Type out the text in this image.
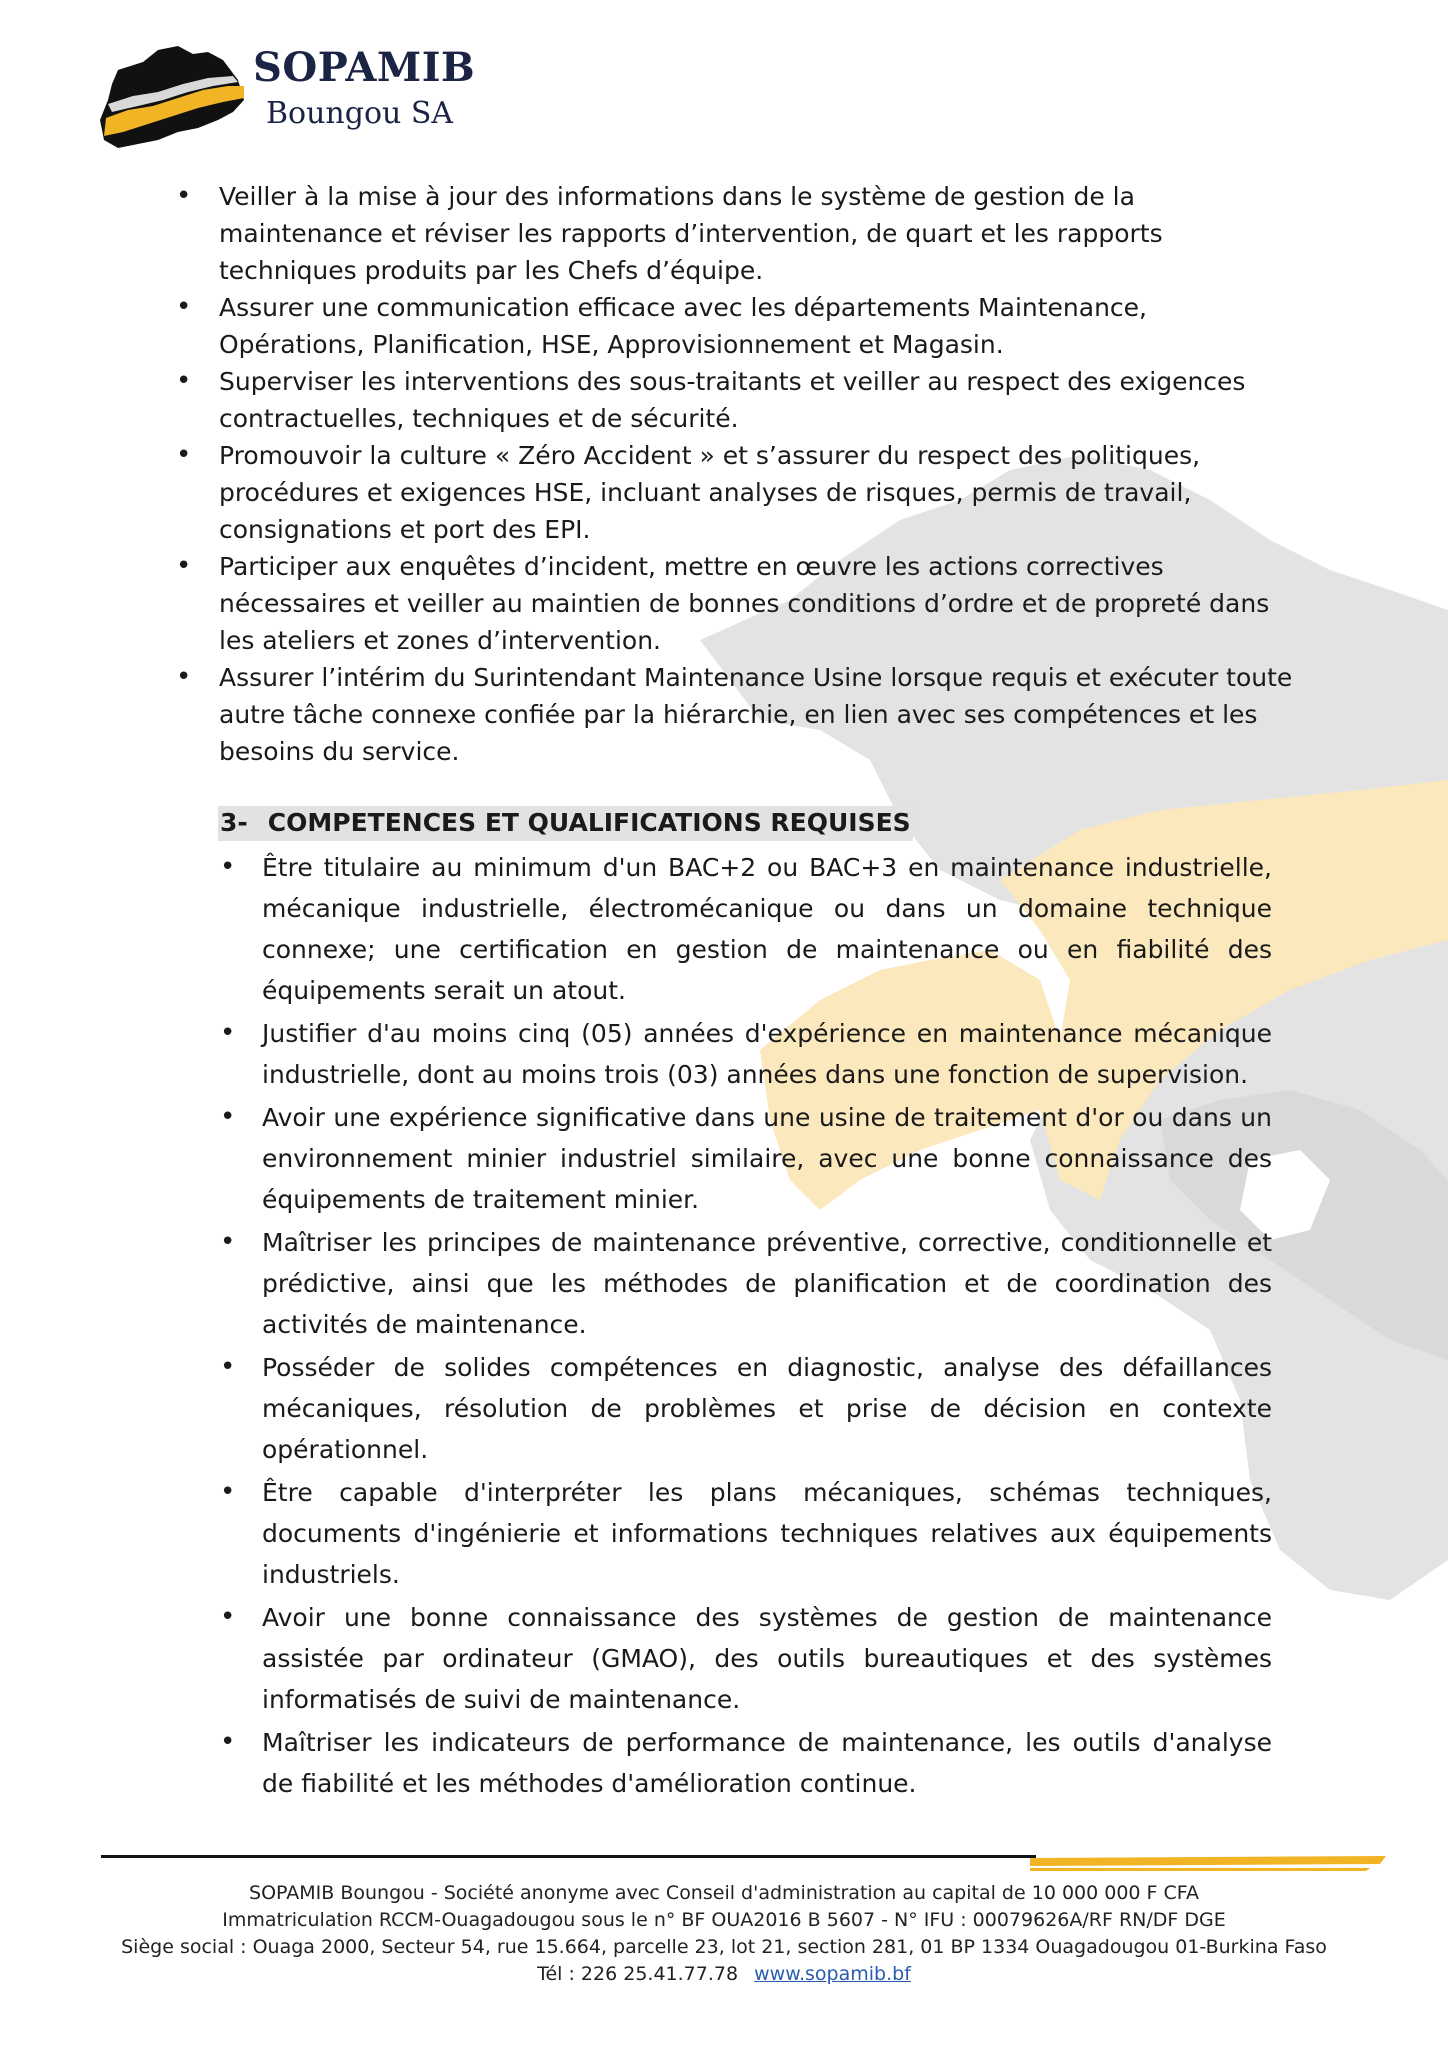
SOPAMIB
Boungou SA
• Veiller à la mise à jour des informations dans le système de gestion de la maintenance et réviser les rapports d’intervention, de quart et les rapports techniques produits par les Chefs d’équipe.
• Assurer une communication efficace avec les départements Maintenance, Opérations, Planification, HSE, Approvisionnement et Magasin.
• Superviser les interventions des sous-traitants et veiller au respect des exigences contractuelles, techniques et de sécurité.
• Promouvoir la culture « Zéro Accident » et s’assurer du respect des politiques, procédures et exigences HSE, incluant analyses de risques, permis de travail, consignations et port des EPI.
• Participer aux enquêtes d’incident, mettre en œuvre les actions correctives nécessaires et veiller au maintien de bonnes conditions d’ordre et de propreté dans les ateliers et zones d’intervention.
• Assurer l’intérim du Surintendant Maintenance Usine lorsque requis et exécuter toute autre tâche connexe confiée par la hiérarchie, en lien avec ses compétences et les besoins du service.
3- COMPETENCES ET QUALIFICATIONS REQUISES
• Être titulaire au minimum d'un BAC+2 ou BAC+3 en maintenance industrielle, mécanique industrielle, électromécanique ou dans un domaine technique connexe; une certification en gestion de maintenance ou en fiabilité des équipements serait un atout.
• Justifier d'au moins cinq (05) années d'expérience en maintenance mécanique industrielle, dont au moins trois (03) années dans une fonction de supervision.
• Avoir une expérience significative dans une usine de traitement d'or ou dans un environnement minier industriel similaire, avec une bonne connaissance des équipements de traitement minier.
• Maîtriser les principes de maintenance préventive, corrective, conditionnelle et prédictive, ainsi que les méthodes de planification et de coordination des activités de maintenance.
• Posséder de solides compétences en diagnostic, analyse des défaillances mécaniques, résolution de problèmes et prise de décision en contexte opérationnel.
• Être capable d'interpréter les plans mécaniques, schémas techniques, documents d'ingénierie et informations techniques relatives aux équipements industriels.
• Avoir une bonne connaissance des systèmes de gestion de maintenance assistée par ordinateur (GMAO), des outils bureautiques et des systèmes informatisés de suivi de maintenance.
• Maîtriser les indicateurs de performance de maintenance, les outils d'analyse de fiabilité et les méthodes d'amélioration continue.
SOPAMIB Boungou - Société anonyme avec Conseil d'administration au capital de 10 000 000 F CFA
Immatriculation RCCM-Ouagadougou sous le n° BF OUA2016 B 5607 - N° IFU : 00079626A/RF RN/DF DGE
Siège social : Ouaga 2000, Secteur 54, rue 15.664, parcelle 23, lot 21, section 281, 01 BP 1334 Ouagadougou 01-Burkina Faso
Tél : 226 25.41.77.78 www.sopamib.bf
